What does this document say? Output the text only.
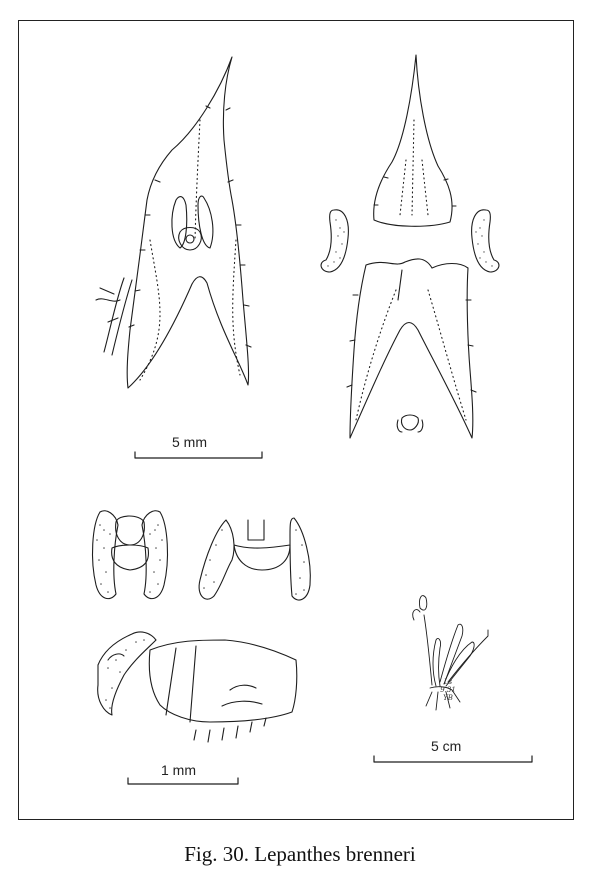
5 mm
1 mm
5 cm
Ls
9.31
YB
Fig. 30. Lepanthes brenneri
